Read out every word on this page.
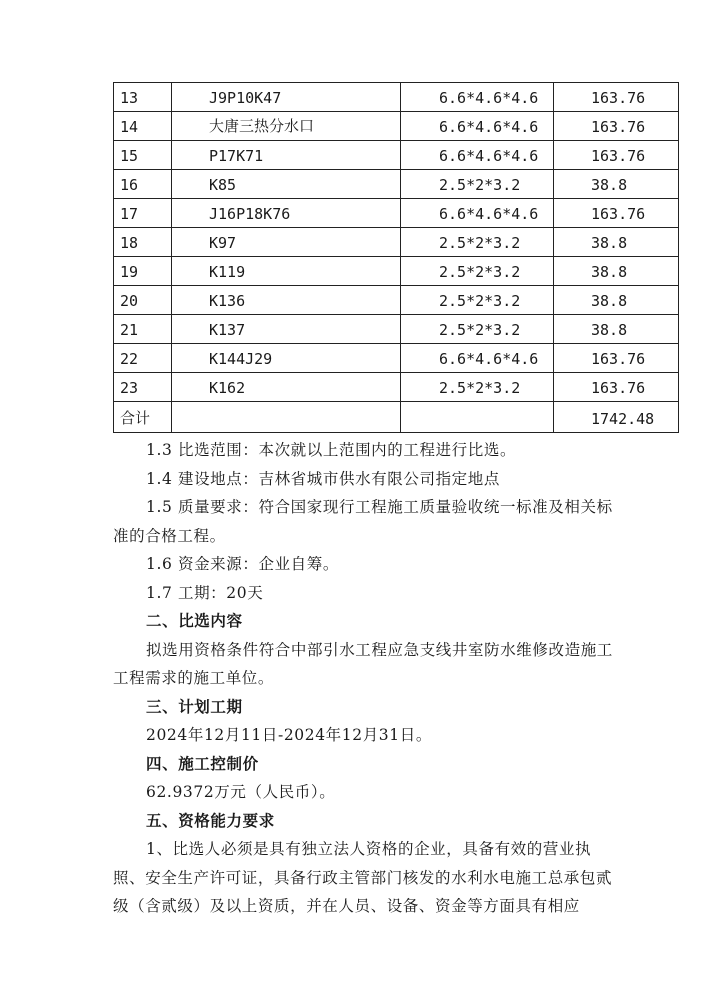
13	J9P10K47	6.6*4.6*4.6	163.76

14	大唐三热分水口	6.6*4.6*4.6	163.76

15	P17K71	6.6*4.6*4.6	163.76

16	K85	2.5*2*3.2	38.8

17	J16P18K76	6.6*4.6*4.6	163.76

18	K97	2.5*2*3.2	38.8

19	K119	2.5*2*3.2	38.8

20	K136	2.5*2*3.2	38.8

21	K137	2.5*2*3.2	38.8

22	K144J29	6.6*4.6*4.6	163.76

23	K162	2.5*2*3.2	163.76

合计			1742.48

1.3 比选范围：本次就以上范围内的工程进行比选。

1.4 建设地点：吉林省城市供水有限公司指定地点

1.5 质量要求：符合国家现行工程施工质量验收统一标准及相关标准的合格工程。

1.6 资金来源：企业自筹。

1.7 工期：20天

二、比选内容

拟选用资格条件符合中部引水工程应急支线井室防水维修改造施工工程需求的施工单位。

三、计划工期

2024年12月11日-2024年12月31日。

四、施工控制价

62.9372万元（人民币）。

五、资格能力要求

1、比选人必须是具有独立法人资格的企业，具备有效的营业执照、安全生产许可证，具备行政主管部门核发的水利水电施工总承包贰级（含贰级）及以上资质，并在人员、设备、资金等方面具有相应
